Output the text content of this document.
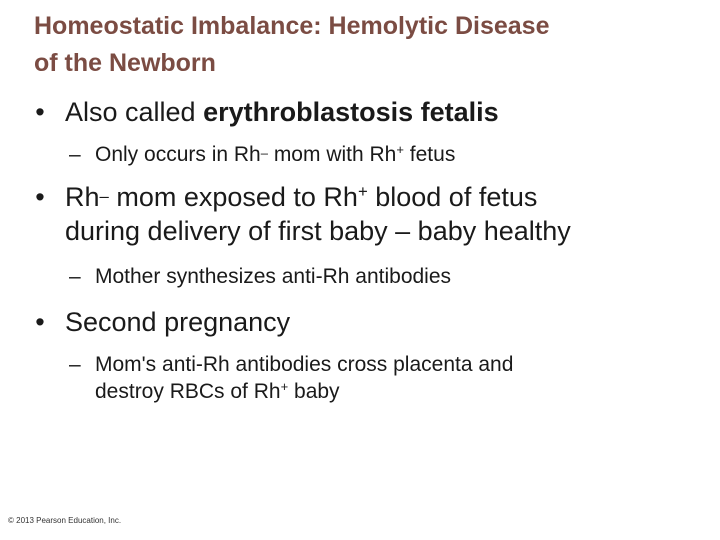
Homeostatic Imbalance: Hemolytic Disease
of the Newborn
• Also called erythroblastosis fetalis
– Only occurs in $Rh_-$ mom with Rh+ fetus
• $Rh_-$ mom exposed to Rh+ blood of fetus
during delivery of first baby – baby healthy
– Mother synthesizes anti-Rh antibodies
• Second pregnancy
– Mom's anti-Rh antibodies cross placenta and
destroy RBCs of Rh+ baby
© 2013 Pearson Education, Inc.
